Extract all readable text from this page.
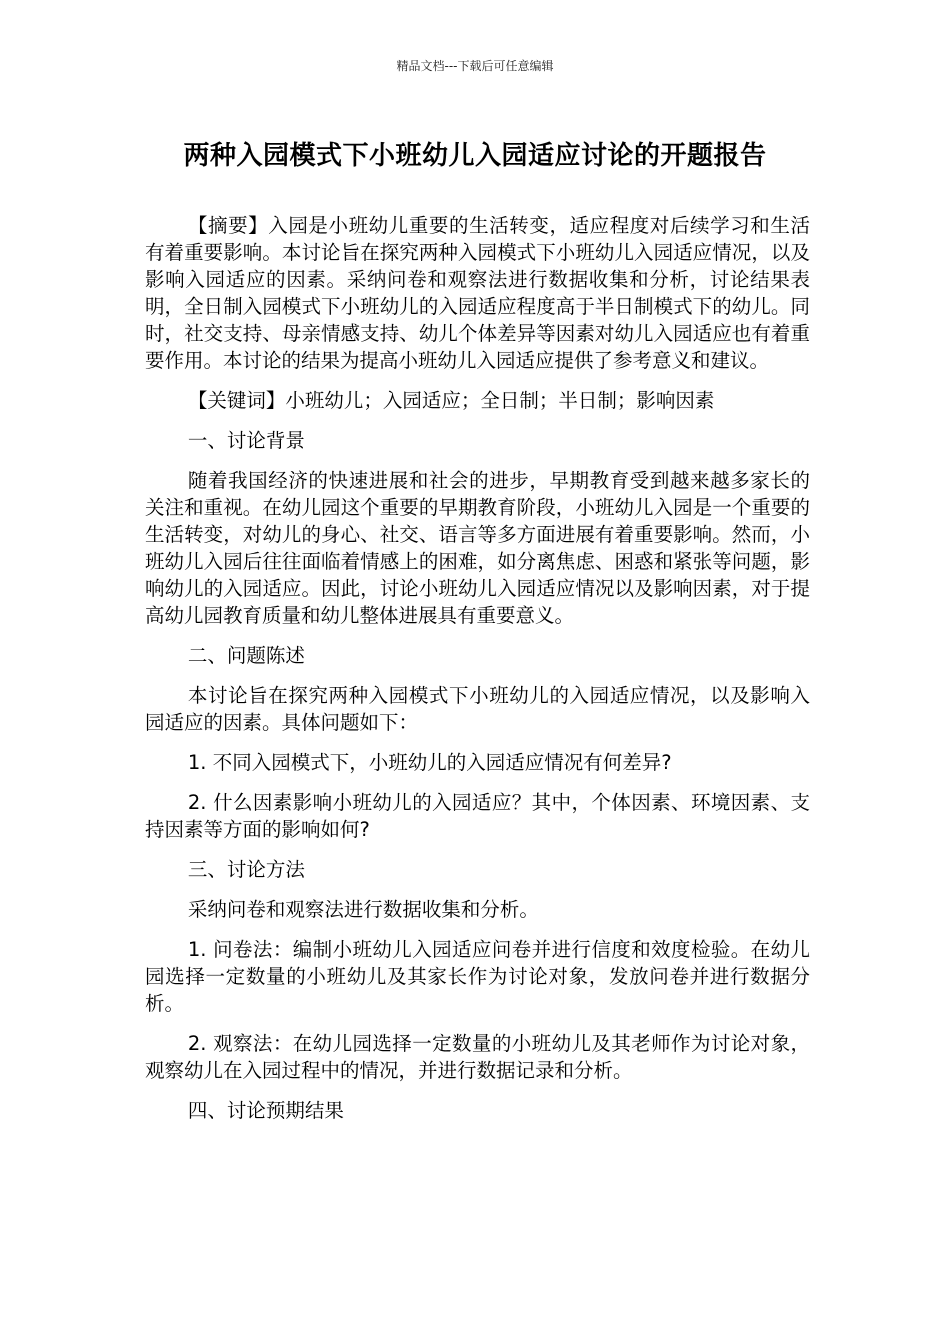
精品文档---下载后可任意编辑
两种入园模式下小班幼儿入园适应讨论的开题报告

【摘要】入园是小班幼儿重要的生活转变，适应程度对后续学习和生活有着重要影响。本讨论旨在探究两种入园模式下小班幼儿入园适应情况，以及影响入园适应的因素。采纳问卷和观察法进行数据收集和分析，讨论结果表明，全日制入园模式下小班幼儿的入园适应程度高于半日制模式下的幼儿。同时，社交支持、母亲情感支持、幼儿个体差异等因素对幼儿入园适应也有着重要作用。本讨论的结果为提高小班幼儿入园适应提供了参考意义和建议。

【关键词】小班幼儿；入园适应；全日制；半日制；影响因素

一、讨论背景

随着我国经济的快速进展和社会的进步，早期教育受到越来越多家长的关注和重视。在幼儿园这个重要的早期教育阶段，小班幼儿入园是一个重要的生活转变，对幼儿的身心、社交、语言等多方面进展有着重要影响。然而，小班幼儿入园后往往面临着情感上的困难，如分离焦虑、困惑和紧张等问题，影响幼儿的入园适应。因此，讨论小班幼儿入园适应情况以及影响因素，对于提高幼儿园教育质量和幼儿整体进展具有重要意义。

二、问题陈述

本讨论旨在探究两种入园模式下小班幼儿的入园适应情况，以及影响入园适应的因素。具体问题如下：

1. 不同入园模式下，小班幼儿的入园适应情况有何差异?

2. 什么因素影响小班幼儿的入园适应？其中，个体因素、环境因素、支持因素等方面的影响如何?

三、讨论方法

采纳问卷和观察法进行数据收集和分析。

1. 问卷法：编制小班幼儿入园适应问卷并进行信度和效度检验。在幼儿园选择一定数量的小班幼儿及其家长作为讨论对象，发放问卷并进行数据分析。

2. 观察法：在幼儿园选择一定数量的小班幼儿及其老师作为讨论对象，观察幼儿在入园过程中的情况，并进行数据记录和分析。

四、讨论预期结果
